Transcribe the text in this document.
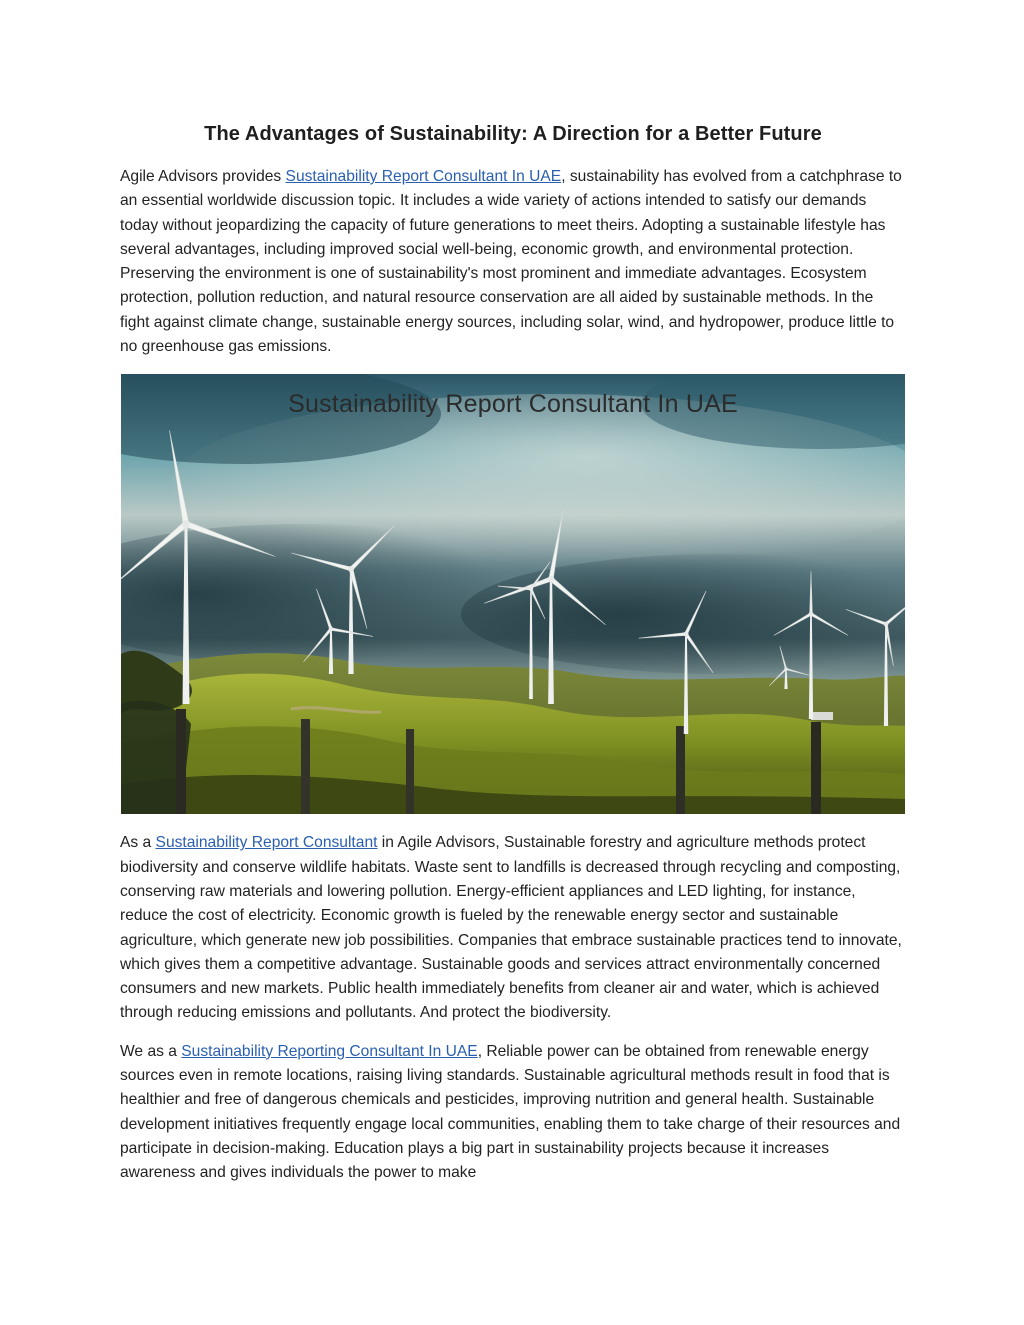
The Advantages of Sustainability: A Direction for a Better Future

Agile Advisors provides Sustainability Report Consultant In UAE, sustainability has evolved from a catchphrase to an essential worldwide discussion topic. It includes a wide variety of actions intended to satisfy our demands today without jeopardizing the capacity of future generations to meet theirs. Adopting a sustainable lifestyle has several advantages, including improved social well-being, economic growth, and environmental protection. Preserving the environment is one of sustainability's most prominent and immediate advantages. Ecosystem protection, pollution reduction, and natural resource conservation are all aided by sustainable methods. In the fight against climate change, sustainable energy sources, including solar, wind, and hydropower, produce little to no greenhouse gas emissions.

Sustainability Report Consultant In UAE

As a Sustainability Report Consultant in Agile Advisors, Sustainable forestry and agriculture methods protect biodiversity and conserve wildlife habitats. Waste sent to landfills is decreased through recycling and composting, conserving raw materials and lowering pollution. Energy-efficient appliances and LED lighting, for instance, reduce the cost of electricity. Economic growth is fueled by the renewable energy sector and sustainable agriculture, which generate new job possibilities. Companies that embrace sustainable practices tend to innovate, which gives them a competitive advantage. Sustainable goods and services attract environmentally concerned consumers and new markets. Public health immediately benefits from cleaner air and water, which is achieved through reducing emissions and pollutants. And protect the biodiversity.

We as a Sustainability Reporting Consultant In UAE, Reliable power can be obtained from renewable energy sources even in remote locations, raising living standards. Sustainable agricultural methods result in food that is healthier and free of dangerous chemicals and pesticides, improving nutrition and general health. Sustainable development initiatives frequently engage local communities, enabling them to take charge of their resources and participate in decision-making. Education plays a big part in sustainability projects because it increases awareness and gives individuals the power to make
